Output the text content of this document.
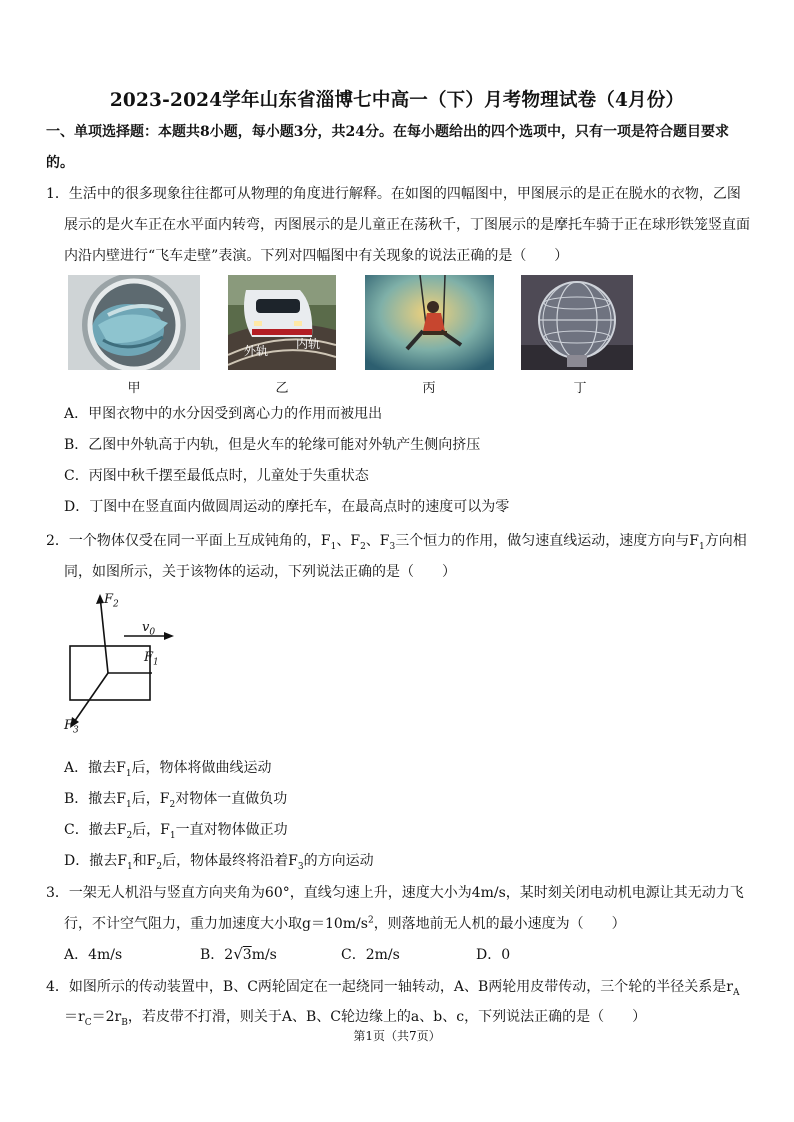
2023-2024学年山东省淄博七中高一（下）月考物理试卷（4月份）
一、单项选择题：本题共8小题，每小题3分，共24分。在每小题给出的四个选项中，只有一项是符合题目要求
的。
1．生活中的很多现象往往都可从物理的角度进行解释。在如图的四幅图中，甲图展示的是正在脱水的衣物，乙图
展示的是火车正在水平面内转弯，丙图展示的是儿童正在荡秋千，丁图展示的是摩托车骑于正在球形铁笼竖直面
内沿内壁进行“飞车走壁”表演。下列对四幅图中有关现象的说法正确的是（　　）
甲
外轨 内轨
乙	丙	丁
A．甲图衣物中的水分因受到离心力的作用而被甩出
B．乙图中外轨高于内轨，但是火车的轮缘可能对外轨产生侧向挤压
C．丙图中秋千摆至最低点时，儿童处于失重状态
D．丁图中在竖直面内做圆周运动的摩托车，在最高点时的速度可以为零
2．一个物体仅受在同一平面上互成钝角的，$F_1$、$F_2$、$F_3$三个恒力的作用，做匀速直线运动，速度方向与$F_1$方向相
同，如图所示，关于该物体的运动，下列说法正确的是（　　）
$F_2$
$F_1$
$F_3$
$v_0$
A．撤去$F_1$后，物体将做曲线运动
B．撤去$F_1$后，$F_2$对物体一直做负功
C．撤去$F_2$后，$F_1$一直对物体做正功
D．撤去$F_1$和$F_2$后，物体最终将沿着$F_3$的方向运动
3．一架无人机沿与竖直方向夹角为60°，直线匀速上升，速度大小为4m/s，某时刻关闭电动机电源让其无动力飞
行，不计空气阻力，重力加速度大小取$g=10m/s^2$，则落地前无人机的最小速度为（　　）
A．4m/s	B．2√3m/s	C．2m/s	D．0
4．如图所示的传动装置中，B、C两轮固定在一起绕同一轴转动，A、B两轮用皮带传动，三个轮的半径关系是$r_A$
$=r_C=2r_B$，若皮带不打滑，则关于A、B、C轮边缘上的a、b、c，下列说法正确的是（　　）
第1页（共7页）
